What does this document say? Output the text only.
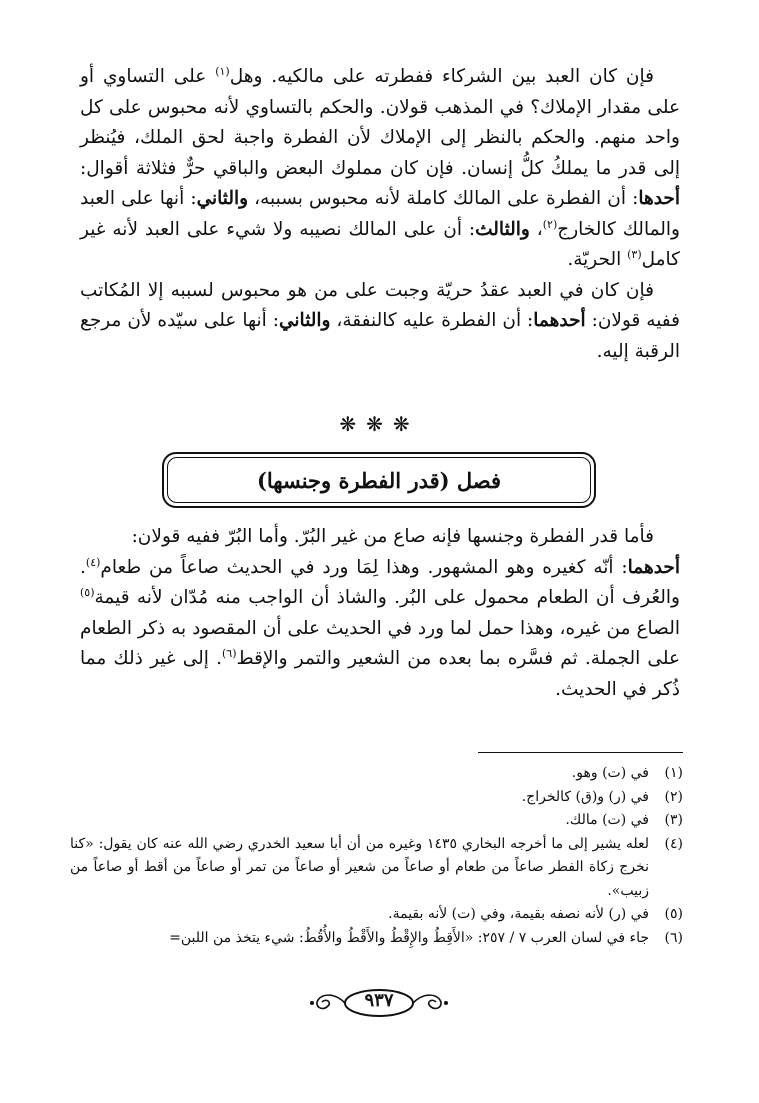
فإن كان العبد بين الشركاء ففطرته على مالكيه. وهل$^{(١)}$ على التساوي أو على مقدار الإملاك؟ في المذهب قولان. والحكم بالتساوي لأنه محبوس على كل واحد منهم. والحكم بالنظر إلى الإملاك لأن الفطرة واجبة لحق الملك، فيُنظر إلى قدر ما يملكُ كلُّ إنسان. فإن كان مملوك البعض والباقي حرٌّ فثلاثة أقوال: أحدها: أن الفطرة على المالك كاملة لأنه محبوس بسببه، والثاني: أنها على العبد والمالك كالخارج$^{(٢)}$، والثالث: أن على المالك نصيبه ولا شيء على العبد لأنه غير كامل$^{(٣)}$ الحريّة.

فإن كان في العبد عقدُ حريّة وجبت على من هو محبوس لسببه إلا المُكاتب ففيه قولان: أحدهما: أن الفطرة عليه كالنفقة، والثاني: أنها على سيّده لأن مرجع الرقبة إليه.

❋❋❋
فصل (قدر الفطرة وجنسها)

فأما قدر الفطرة وجنسها فإنه صاع من غير البُرّ. وأما البُرّ ففيه قولان:

أحدهما: أنّه كغيره وهو المشهور. وهذا لِمَا ورد في الحديث صاعاً من طعام$^{(٤)}$. والعُرف أن الطعام محمول على البُر. والشاذ أن الواجب منه مُدّان لأنه قيمة$^{(٥)}$ الصاع من غيره، وهذا حمل لما ورد في الحديث على أن المقصود به ذكر الطعام على الجملة. ثم فسَّره بما بعده من الشعير والتمر والإقط$^{(٦)}$. إلى غير ذلك مما ذُكر في الحديث.

(١)
في (ت) وهو.
(٢)
في (ر) و(ق) كالخراج.
(٣)
في (ت) مالك.
(٤)
لعله يشير إلى ما أخرجه البخاري ١٤٣٥ وغيره من أن أبا سعيد الخدري رضي الله عنه كان يقول: «كنا نخرج زكاة الفطر صاعاً من طعام أو صاعاً من شعير أو صاعاً من تمر أو صاعاً من أقط أو صاعاً من زبيب».
(٥)
في (ر) لأنه نصفه بقيمة، وفي (ت) لأنه بقيمة.
(٦)
جاء في لسان العرب ٧ / ٢٥٧: «الأَقِطُ والإِقْطُ والأَقْطُ والأُقُطُ: شيء يتخذ من اللبن=
٩٣٧
